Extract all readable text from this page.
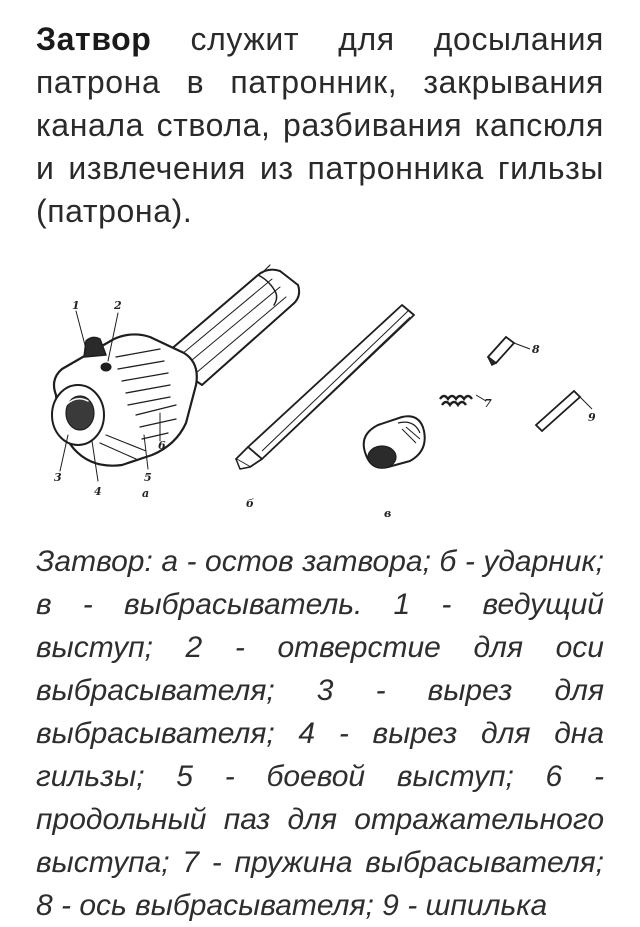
Затвор служит для досылания патрона в патронник, закрывания канала ствола, разбивания капсюля и извлечения из патронника гильзы (патрона).

1	2
3
4
5
6
7
8
9
а
б
в

Затвор: а - остов затвора; б - ударник; в - выбрасыватель. 1 - ведущий выступ; 2 - отверстие для оси выбрасывателя; 3 - вырез для выбрасывателя; 4 - вырез для дна гильзы; 5 - боевой выступ; 6 - продольный паз для отражательного выступа; 7 - пружина выбрасывателя; 8 - ось выбрасывателя; 9 - шпилька
